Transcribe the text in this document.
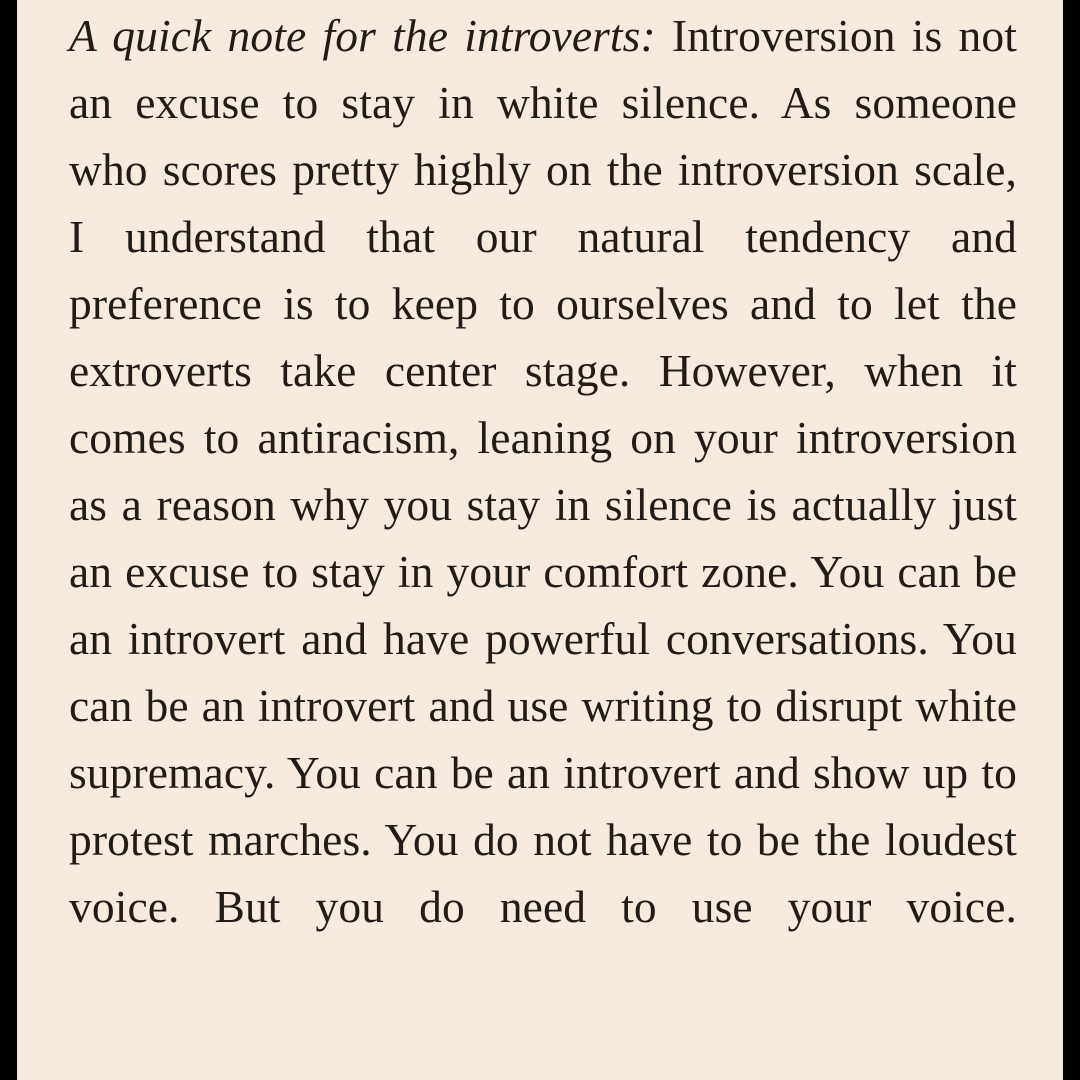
A quick note for the introverts: Introversion is not an excuse to stay in white silence. As someone who scores pretty highly on the introversion scale, I understand that our natural tendency and preference is to keep to ourselves and to let the extroverts take center stage. However, when it comes to antiracism, leaning on your introversion as a reason why you stay in silence is actually just an excuse to stay in your comfort zone. You can be an introvert and have powerful conversations. You can be an introvert and use writing to disrupt white supremacy. You can be an introvert and show up to protest marches. You do not have to be the loudest voice. But you do need to use your voice.
